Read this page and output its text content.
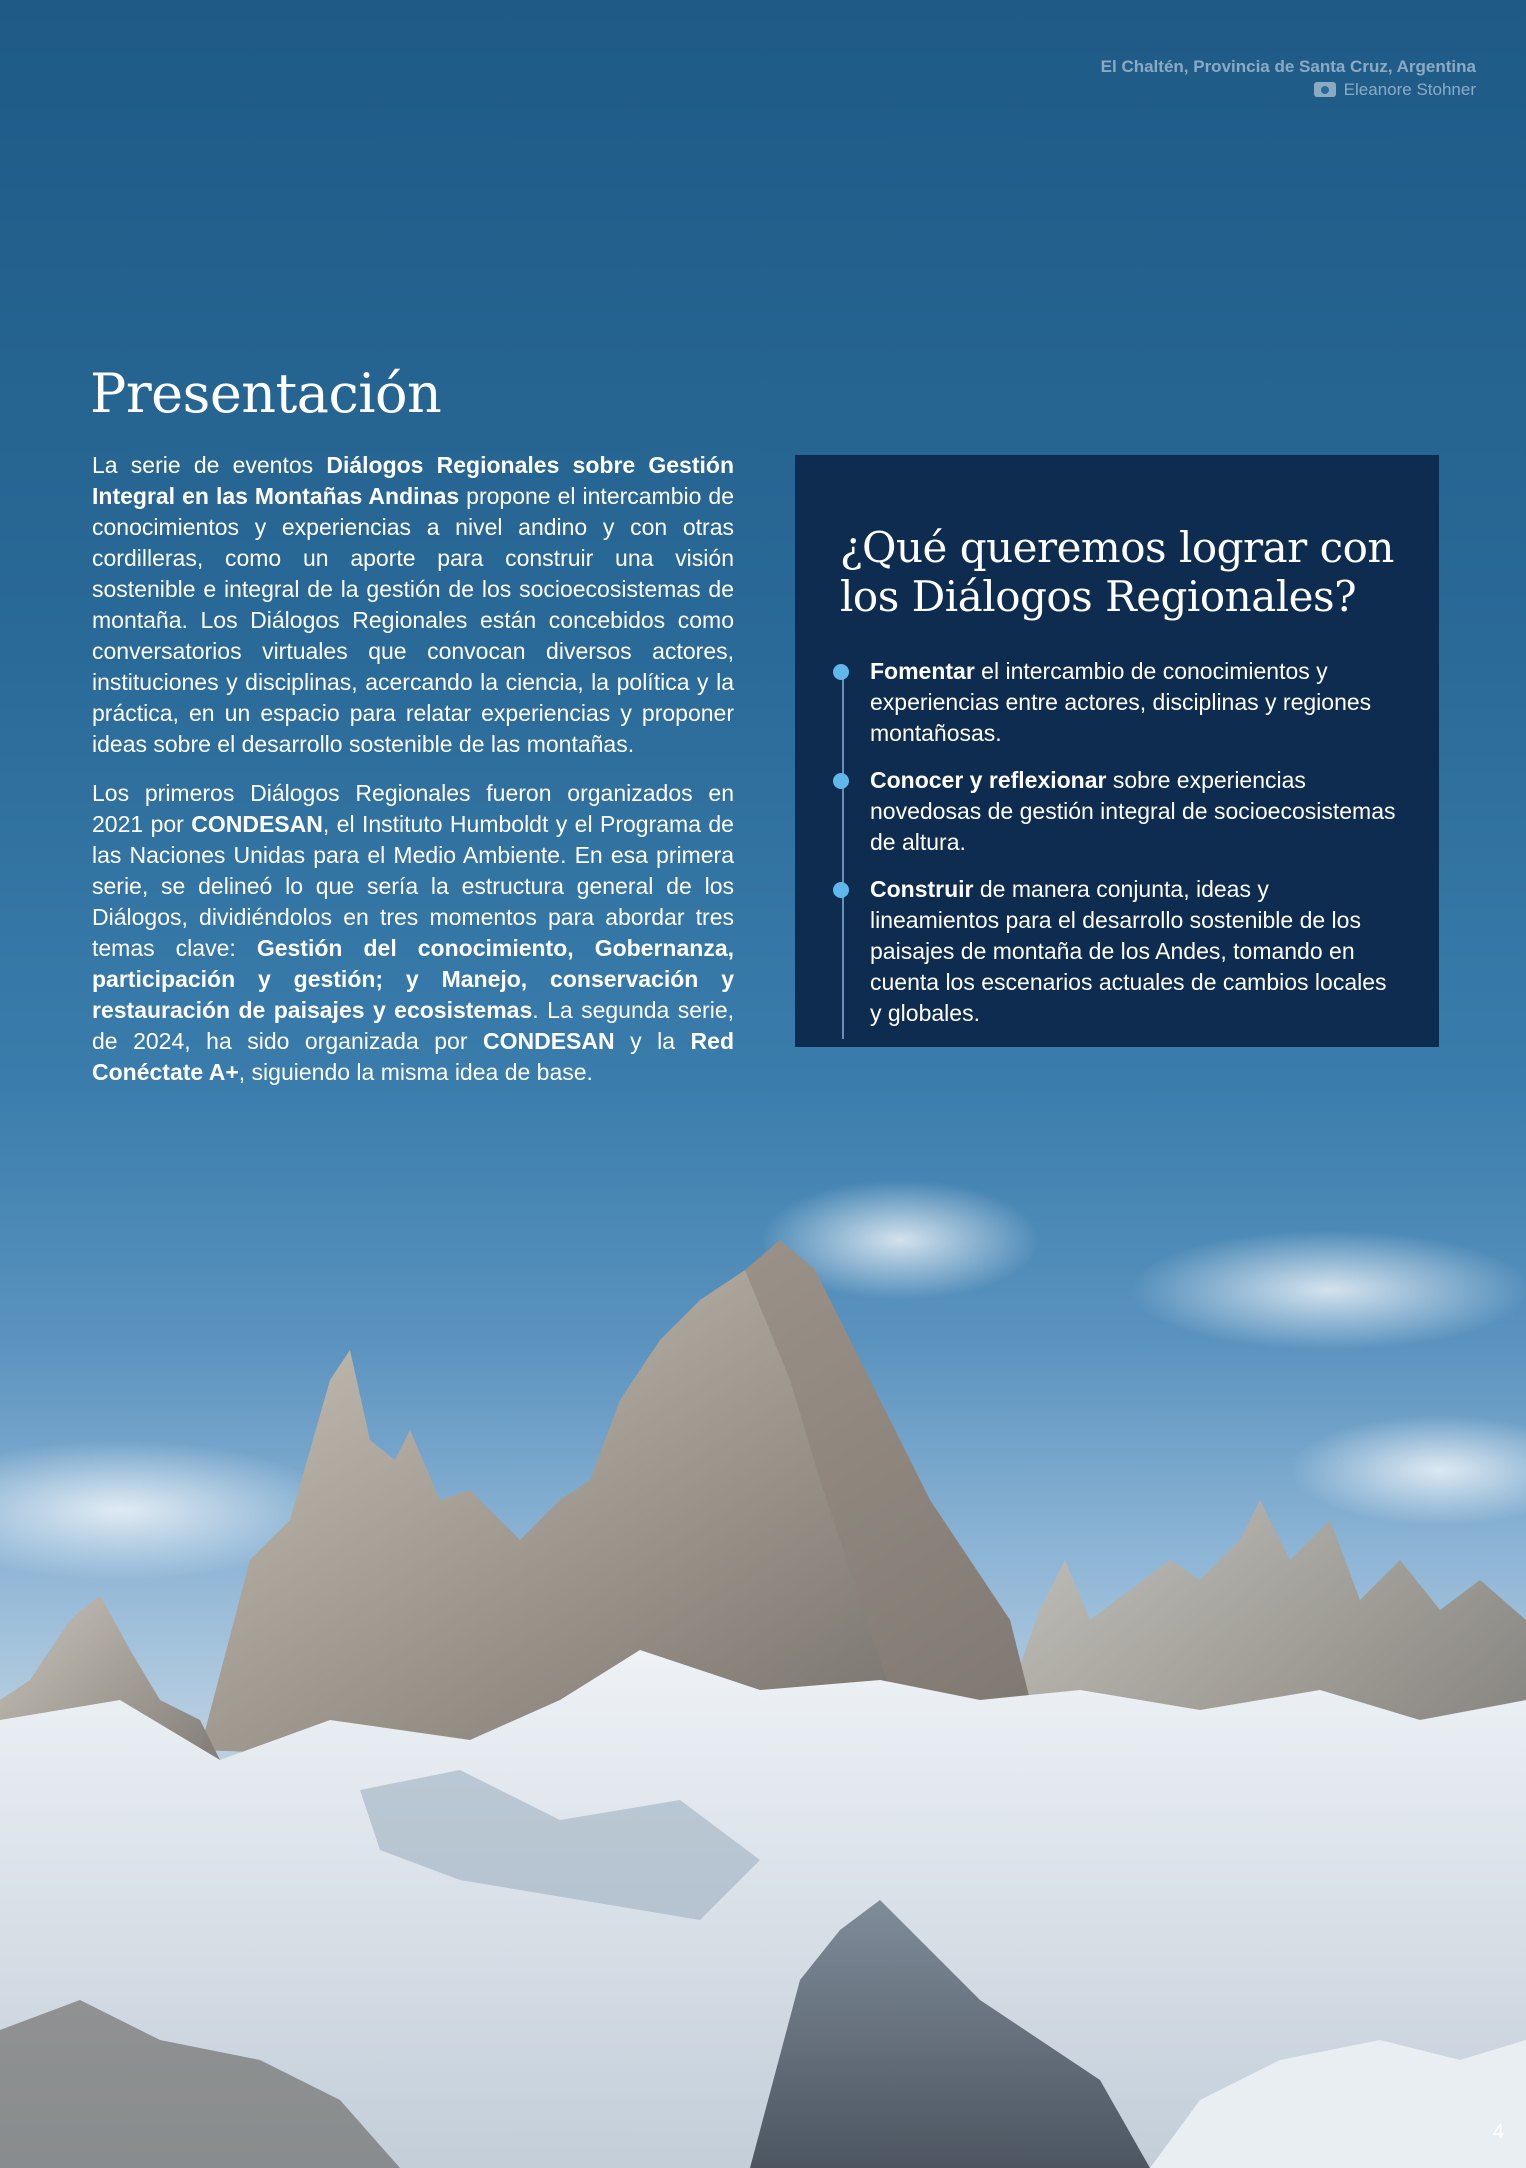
El Chaltén, Provincia de Santa Cruz, Argentina
Eleanore Stohner
Presentación

La serie de eventos Diálogos Regionales sobre Gestión Integral en las Montañas Andinas propone el intercambio de conocimientos y experiencias a nivel andino y con otras cordilleras, como un aporte para construir una visión sostenible e integral de la gestión de los socioecosistemas de montaña. Los Diálogos Regionales están concebidos como conversatorios virtuales que convocan diversos actores, instituciones y disciplinas, acercando la ciencia, la política y la práctica, en un espacio para relatar experiencias y proponer ideas sobre el desarrollo sostenible de las montañas.

Los primeros Diálogos Regionales fueron organizados en 2021 por CONDESAN, el Instituto Humboldt y el Programa de las Naciones Unidas para el Medio Ambiente. En esa primera serie, se delineó lo que sería la estructura general de los Diálogos, dividiéndolos en tres momentos para abordar tres temas clave: Gestión del conocimiento, Gobernanza, participación y gestión; y Manejo, conservación y restauración de paisajes y ecosistemas. La segunda serie, de 2024, ha sido organizada por CONDESAN y la Red Conéctate A+, siguiendo la misma idea de base.

¿Qué queremos lograr con los Diálogos Regionales?
Fomentar el intercambio de conocimientos y experiencias entre actores, disciplinas y regiones montañosas.
Conocer y reflexionar sobre experiencias novedosas de gestión integral de socioecosistemas de altura.
Construir de manera conjunta, ideas y lineamientos para el desarrollo sostenible de los paisajes de montaña de los Andes, tomando en cuenta los escenarios actuales de cambios locales y globales.
4
